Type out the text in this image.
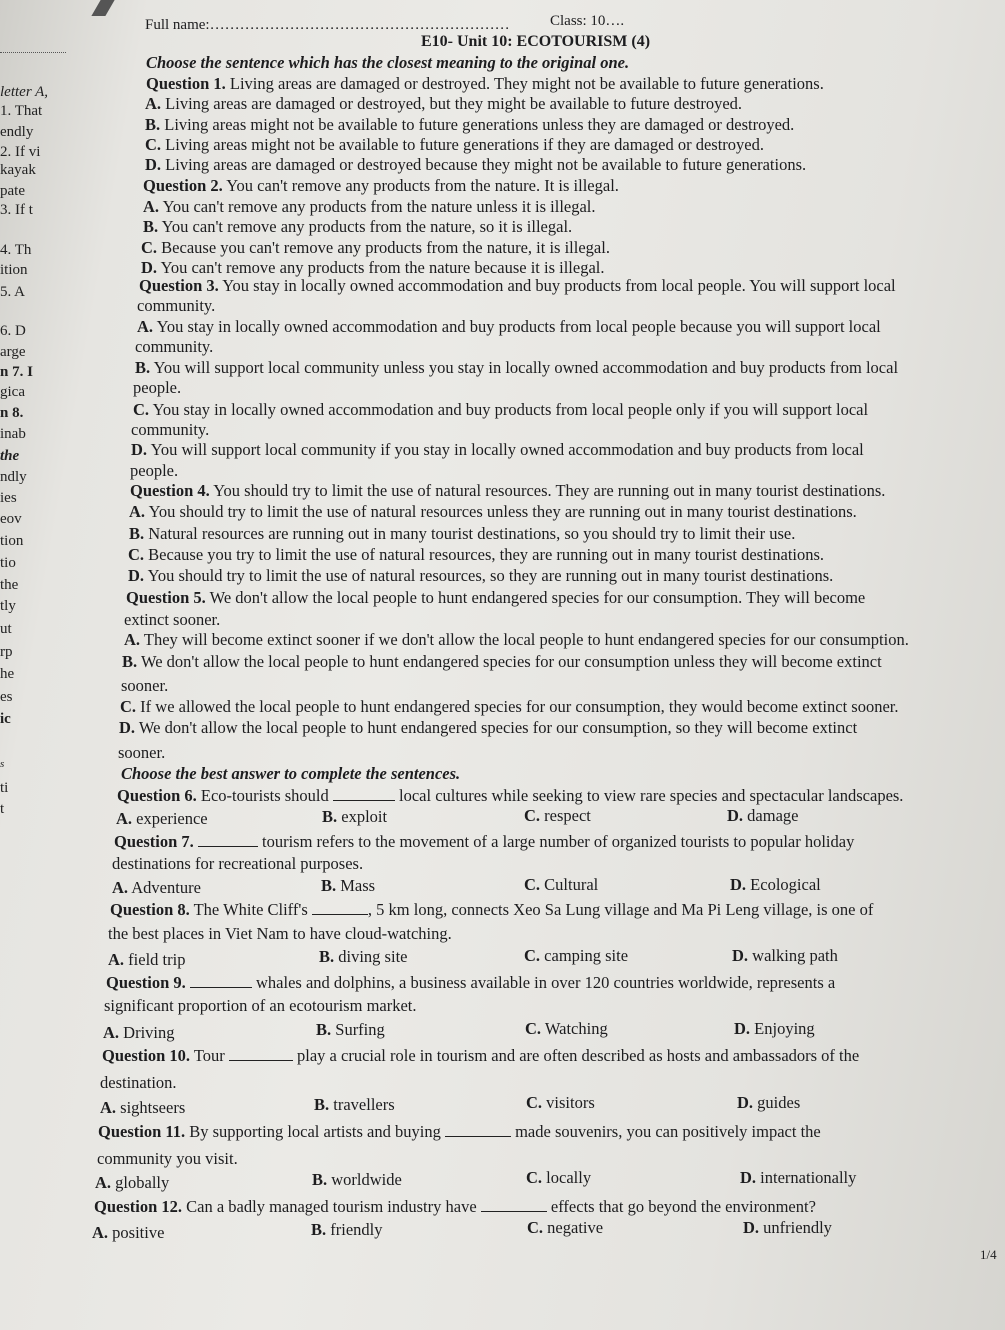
letter A,
1. That
endly
2. If vi
kayak
pate
3. If t
4. Th
ition
5. A
6. D
arge
n 7. I
gica
n 8.
inab
the
ndly
ies
eov
tion
tio
the
tly
ut
rp
he
es
ic
s
ti
t
Full name:……………………………………………………	Class: 10….
E10- Unit 10: ECOTOURISM (4)
Choose the sentence which has the closest meaning to the original one.
Question 1. Living areas are damaged or destroyed. They might not be available to future generations.
A. Living areas are damaged or destroyed, but they might be available to future destroyed.
B. Living areas might not be available to future generations unless they are damaged or destroyed.
C. Living areas might not be available to future generations if they are damaged or destroyed.
D. Living areas are damaged or destroyed because they might not be available to future generations.
Question 2. You can't remove any products from the nature. It is illegal.
A. You can't remove any products from the nature unless it is illegal.
B. You can't remove any products from the nature, so it is illegal.
C. Because you can't remove any products from the nature, it is illegal.
D. You can't remove any products from the nature because it is illegal.
Question 3. You stay in locally owned accommodation and buy products from local people. You will support local
community.
A. You stay in locally owned accommodation and buy products from local people because you will support local
community.
B. You will support local community unless you stay in locally owned accommodation and buy products from local
people.
C. You stay in locally owned accommodation and buy products from local people only if you will support local
community.
D. You will support local community if you stay in locally owned accommodation and buy products from local
people.
Question 4. You should try to limit the use of natural resources. They are running out in many tourist destinations.
A. You should try to limit the use of natural resources unless they are running out in many tourist destinations.
B. Natural resources are running out in many tourist destinations, so you should try to limit their use.
C. Because you try to limit the use of natural resources, they are running out in many tourist destinations.
D. You should try to limit the use of natural resources, so they are running out in many tourist destinations.
Question 5. We don't allow the local people to hunt endangered species for our consumption. They will become
extinct sooner.
A. They will become extinct sooner if we don't allow the local people to hunt endangered species for our consumption.
B. We don't allow the local people to hunt endangered species for our consumption unless they will become extinct
sooner.
C. If we allowed the local people to hunt endangered species for our consumption, they would become extinct sooner.
D. We don't allow the local people to hunt endangered species for our consumption, so they will become extinct
sooner.
Choose the best answer to complete the sentences.
Question 6. Eco-tourists should	local cultures while seeking to view rare species and spectacular landscapes.
A. experience	B. exploit	C. respect	D. damage
Question 7.	tourism refers to the movement of a large number of organized tourists to popular holiday
destinations for recreational purposes.
A. Adventure	B. Mass	C. Cultural	D. Ecological
Question 8. The White Cliff's	, 5 km long, connects Xeo Sa Lung village and Ma Pi Leng village, is one of
the best places in Viet Nam to have cloud-watching.
A. field trip	B. diving site	C. camping site	D. walking path
Question 9.	whales and dolphins, a business available in over 120 countries worldwide, represents a
significant proportion of an ecotourism market.
A. Driving	B. Surfing	C. Watching	D. Enjoying
Question 10. Tour	play a crucial role in tourism and are often described as hosts and ambassadors of the
destination.
A. sightseers	B. travellers	C. visitors	D. guides
Question 11. By supporting local artists and buying	made souvenirs, you can positively impact the
community you visit.
A. globally	B. worldwide	C. locally	D. internationally
Question 12. Can a badly managed tourism industry have	effects that go beyond the environment?
A. positive	B. friendly	C. negative	D. unfriendly
1/4
